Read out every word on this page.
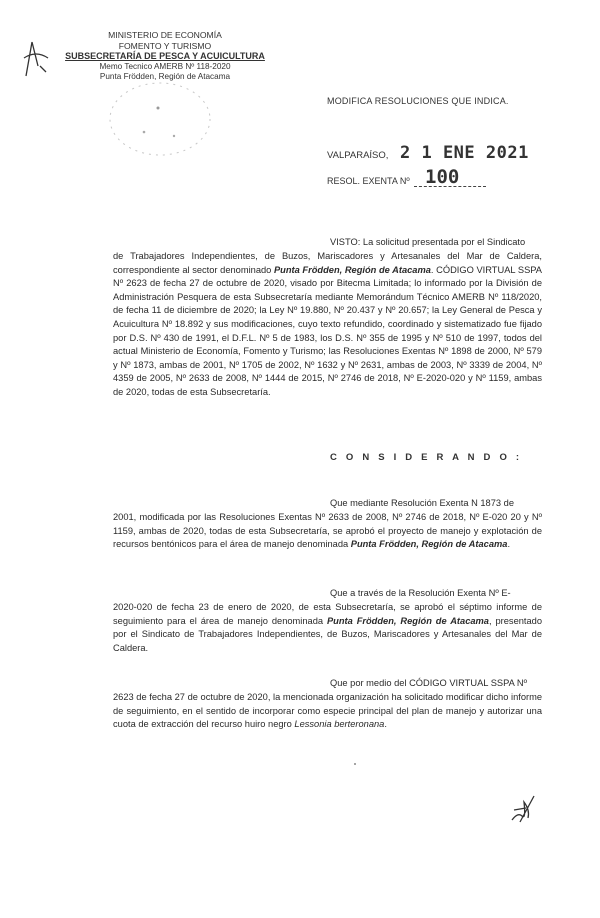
MINISTERIO DE ECONOMÍA
FOMENTO Y TURISMO
SUBSECRETARÍA DE PESCA Y ACUICULTURA
Memo Tecnico AMERB Nº 118-2020
Punta Frödden, Región de Atacama
MODIFICA RESOLUCIONES QUE INDICA.
VALPARAÍSO, 2 1 ENE 2021
RESOL. EXENTA Nº 100
VISTO: La solicitud presentada por el Sindicato
de Trabajadores Independientes, de Buzos, Mariscadores y Artesanales del Mar de Caldera, correspondiente al sector denominado Punta Frödden, Región de Atacama. CÓDIGO VIRTUAL SSPA Nº 2623 de fecha 27 de octubre de 2020, visado por Bitecma Limitada; lo informado por la División de Administración Pesquera de esta Subsecretaría mediante Memorándum Técnico AMERB Nº 118/2020, de fecha 11 de diciembre de 2020; la Ley Nº 19.880, Nº 20.437 y Nº 20.657; la Ley General de Pesca y Acuicultura Nº 18.892 y sus modificaciones, cuyo texto refundido, coordinado y sistematizado fue fijado por D.S. Nº 430 de 1991, el D.F.L. Nº 5 de 1983, los D.S. Nº 355 de 1995 y Nº 510 de 1997, todos del actual Ministerio de Economía, Fomento y Turismo; las Resoluciones Exentas Nº 1898 de 2000, Nº 579 y Nº 1873, ambas de 2001, Nº 1705 de 2002, Nº 1632 y Nº 2631, ambas de 2003, Nº 3339 de 2004, Nº 4359 de 2005, Nº 2633 de 2008, Nº 1444 de 2015, Nº 2746 de 2018, Nº E-2020-020 y Nº 1159, ambas de 2020, todas de esta Subsecretaría.
C O N S I D E R A N D O :
Que mediante Resolución Exenta N 1873 de
2001, modificada por las Resoluciones Exentas Nº 2633 de 2008, Nº 2746 de 2018, Nº E-020 20 y Nº 1159, ambas de 2020, todas de esta Subsecretaría, se aprobó el proyecto de manejo y explotación de recursos bentónicos para el área de manejo denominada Punta Frödden, Región de Atacama.
Que a través de la Resolución Exenta Nº E-
2020-020 de fecha 23 de enero de 2020, de esta Subsecretaría, se aprobó el séptimo informe de seguimiento para el área de manejo denominada Punta Frödden, Región de Atacama, presentado por el Sindicato de Trabajadores Independientes, de Buzos, Mariscadores y Artesanales del Mar de Caldera.
Que por medio del CÓDIGO VIRTUAL SSPA Nº
2623 de fecha 27 de octubre de 2020, la mencionada organización ha solicitado modificar dicho informe de seguimiento, en el sentido de incorporar como especie principal del plan de manejo y autorizar una cuota de extracción del recurso huiro negro Lessonia berteronana.
